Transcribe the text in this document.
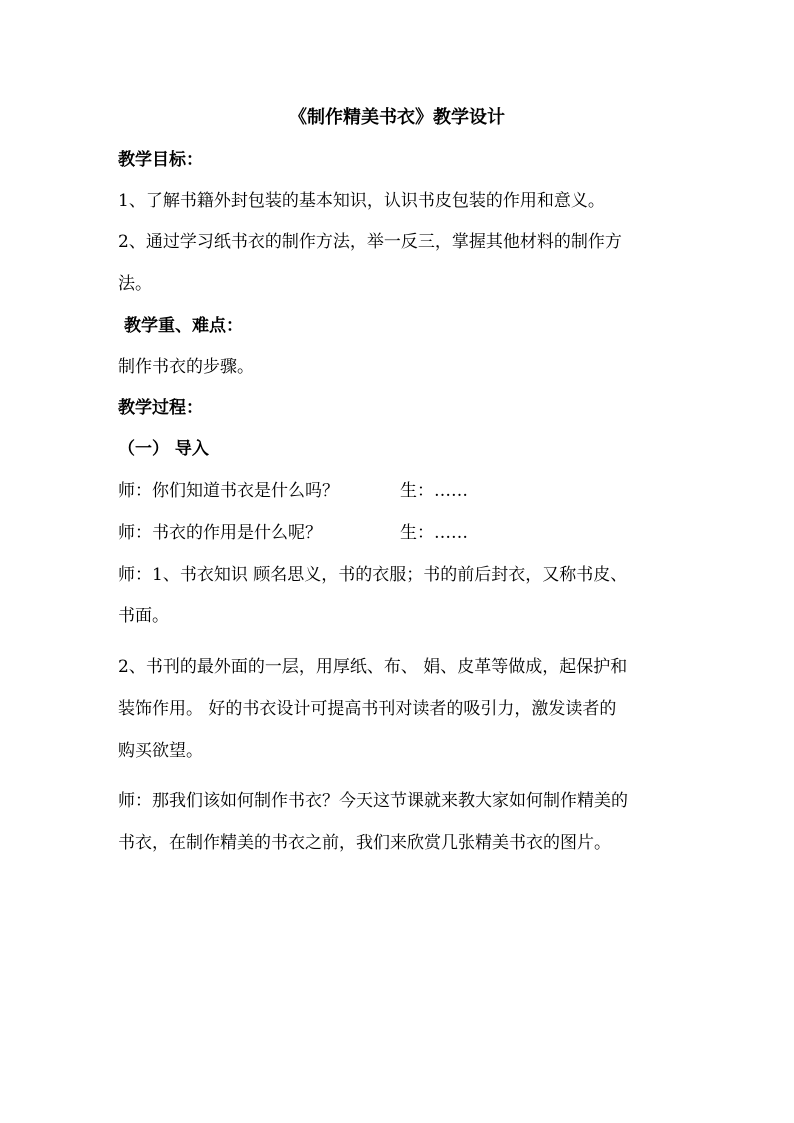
《制作精美书衣》教学设计
教学目标：
1、了解书籍外封包装的基本知识，认识书皮包装的作用和意义。
2、通过学习纸书衣的制作方法，举一反三，掌握其他材料的制作方
法。
教学重、难点：
制作书衣的步骤。
教学过程：
（一） 导入
师：你们知道书衣是什么吗？	生：……
师：书衣的作用是什么呢？	生：……
师：1、书衣知识 顾名思义，书的衣服；书的前后封衣，又称书皮、
书面。
2、书刊的最外面的一层，用厚纸、布、 娟、皮革等做成，起保护和
装饰作用。 好的书衣设计可提高书刊对读者的吸引力，激发读者的
购买欲望。
师：那我们该如何制作书衣？今天这节课就来教大家如何制作精美的
书衣，在制作精美的书衣之前，我们来欣赏几张精美书衣的图片。
